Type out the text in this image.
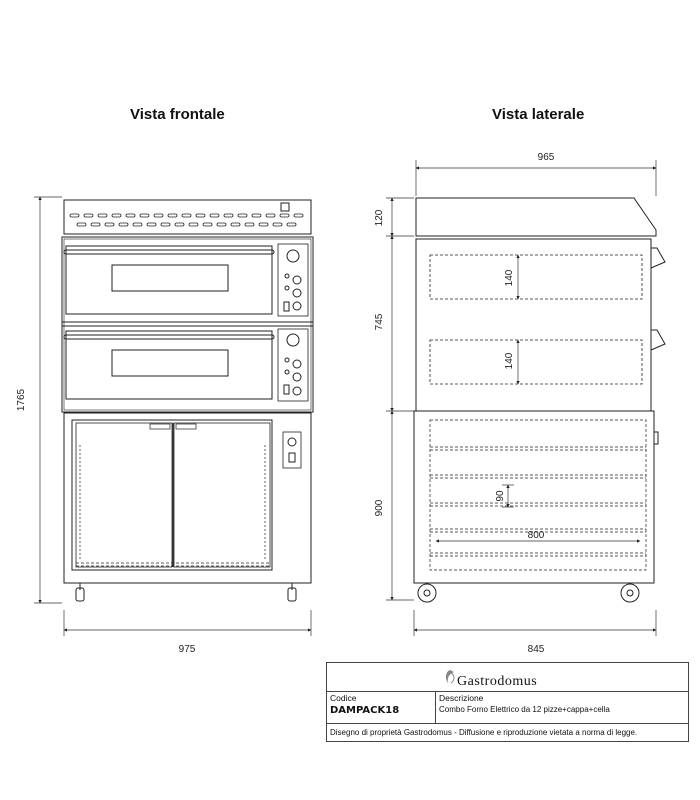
Vista frontale	Vista laterale
1765
975
965
845
120
745
900
140
140
90
800
Gastrodomus
Codice
DAMPACK18
Descrizione
Combo Forno Elettrico da 12 pizze+cappa+cella
Disegno di proprietà Gastrodomus - Diffusione e riproduzione vietata a norma di legge.
